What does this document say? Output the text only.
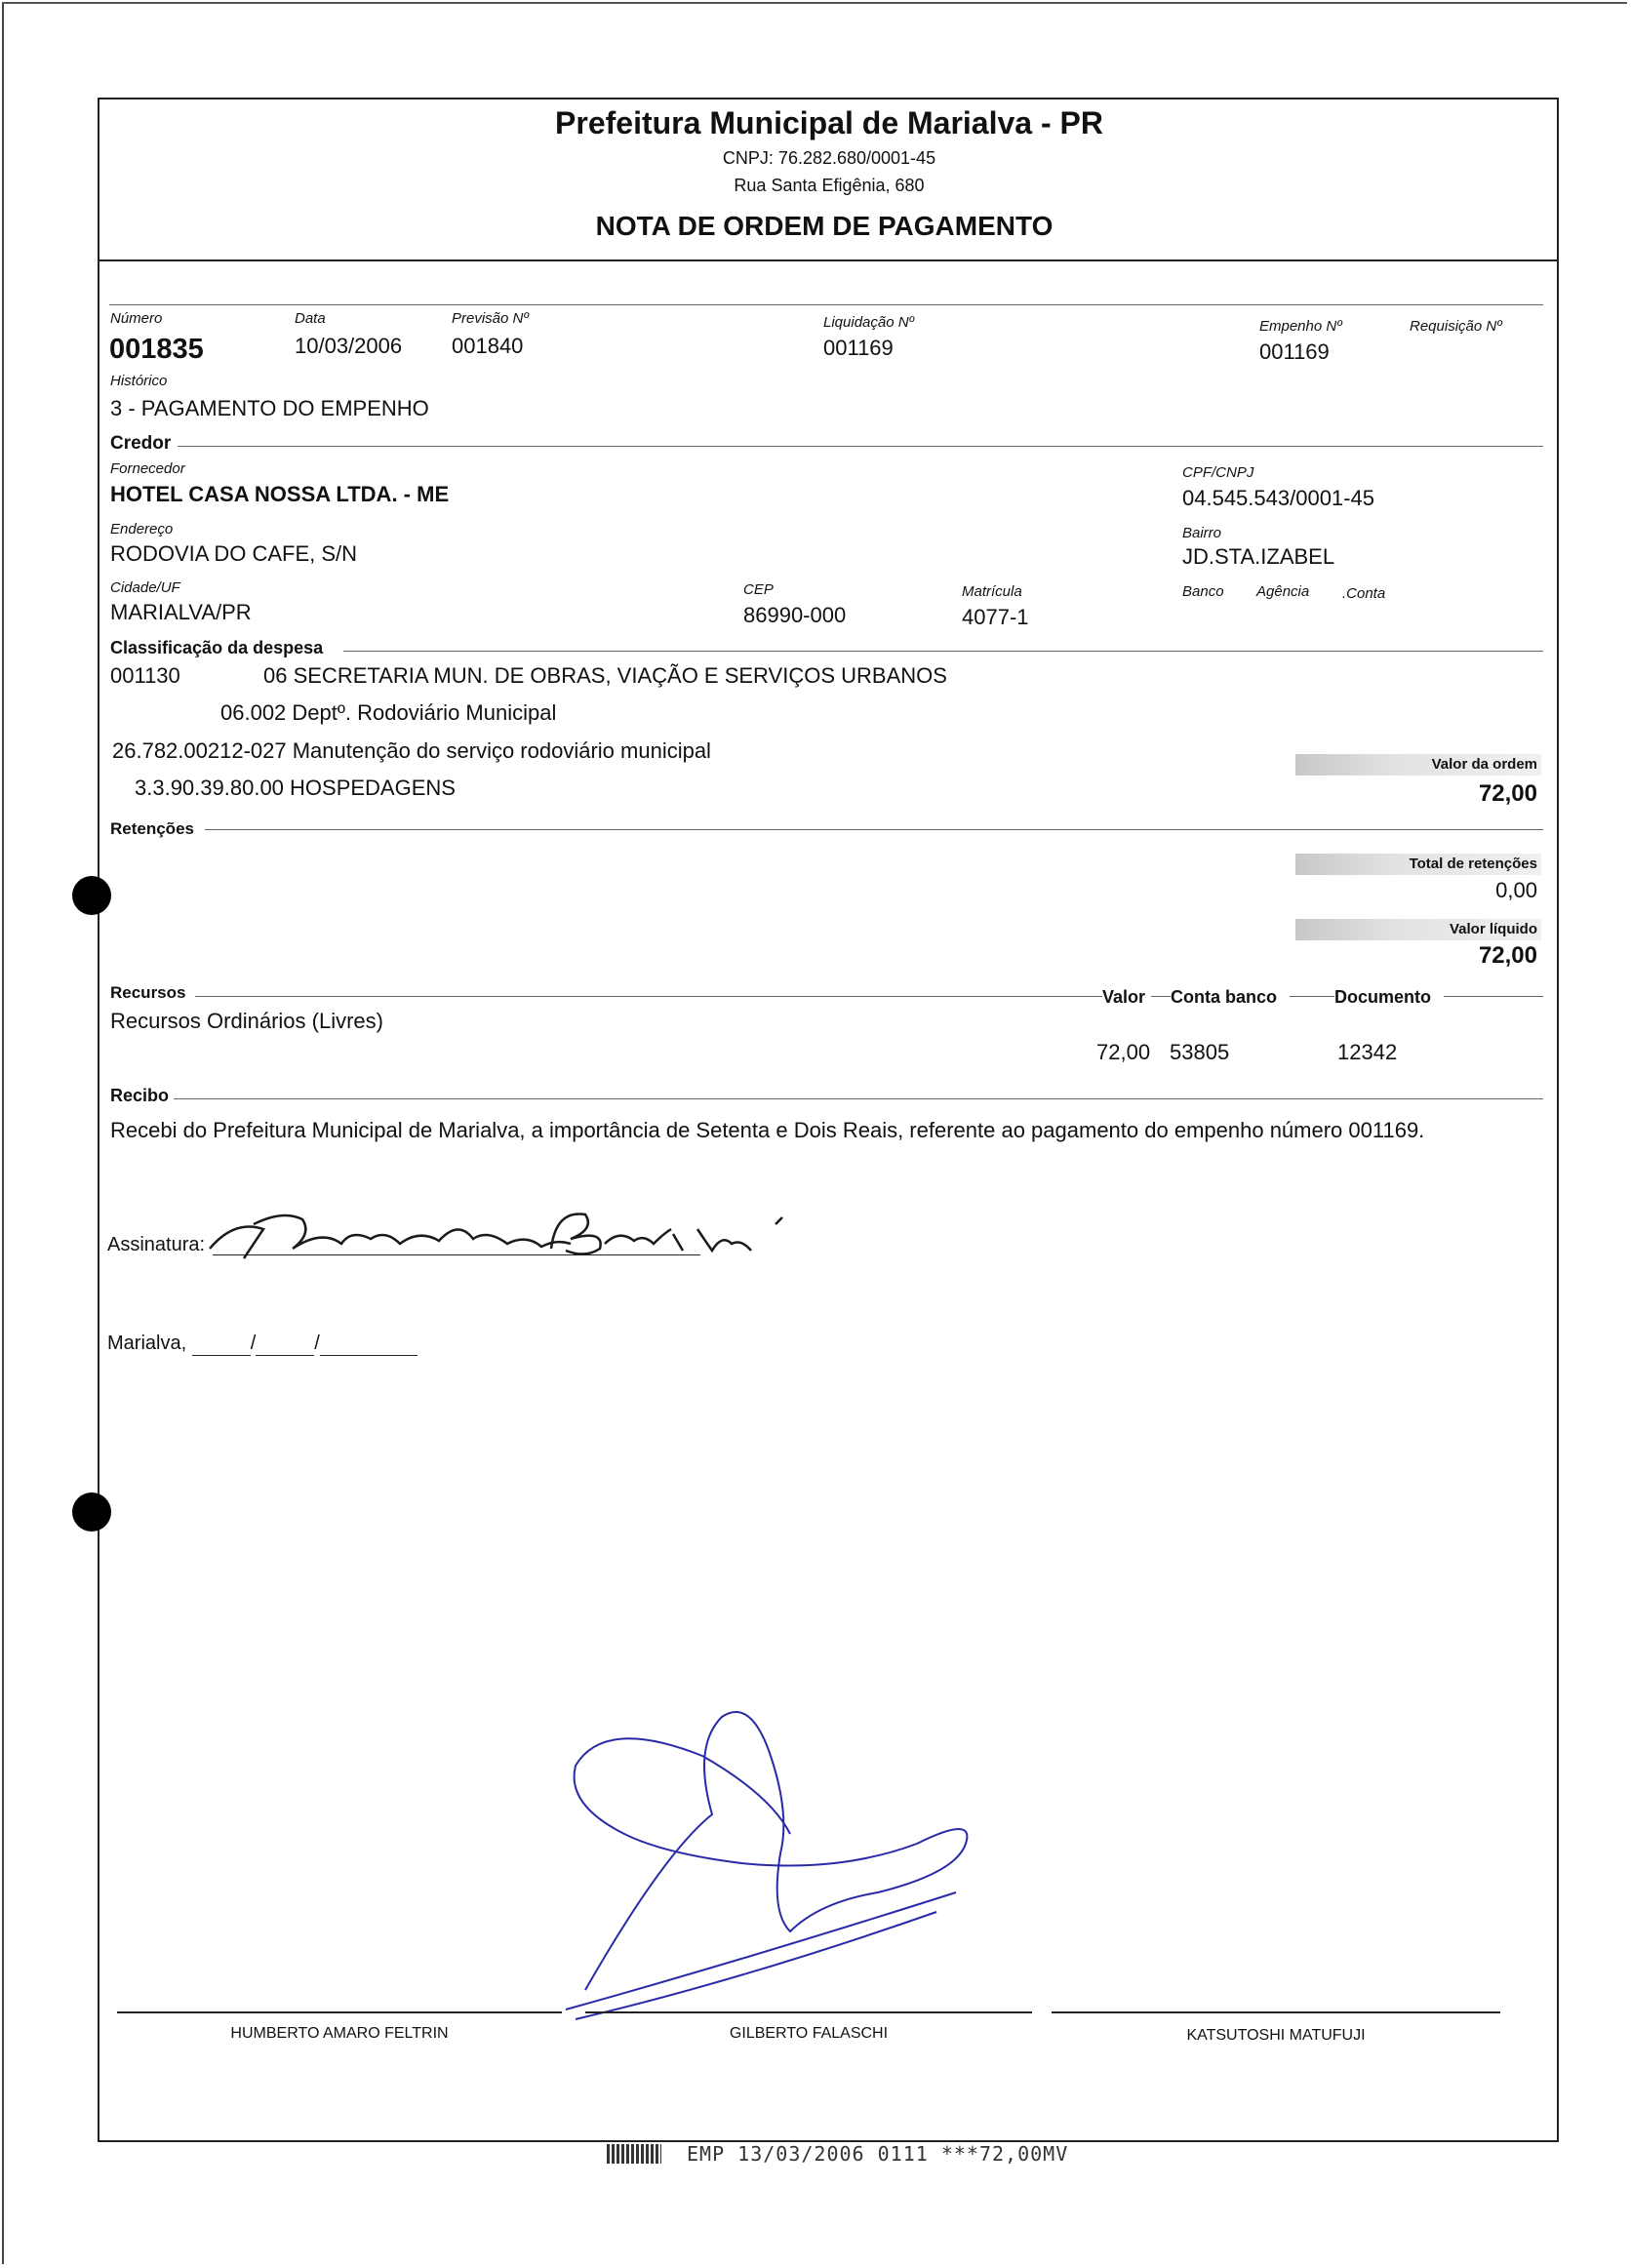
Prefeitura Municipal de Marialva - PR
CNPJ: 76.282.680/0001-45
Rua Santa Efigênia, 680
NOTA DE ORDEM DE PAGAMENTO
Número
001835
Data
10/03/2006
Previsão Nº
001840
Liquidação Nº
001169
Empenho Nº
001169
Requisição Nº
Histórico
3 - PAGAMENTO DO EMPENHO
Credor
Fornecedor
HOTEL CASA NOSSA LTDA. - ME
CPF/CNPJ
04.545.543/0001-45
Endereço
RODOVIA DO CAFE, S/N
Bairro
JD.STA.IZABEL
Cidade/UF
MARIALVA/PR
CEP
86990-000
Matrícula
4077-1
Banco Agência .Conta
Classificação da despesa
001130	06 SECRETARIA MUN. DE OBRAS, VIAÇÃO E SERVIÇOS URBANOS
06.002 Deptº. Rodoviário Municipal
26.782.00212-027 Manutenção do serviço rodoviário municipal
3.3.90.39.80.00 HOSPEDAGENS
Valor da ordem
72,00
Retenções
Total de retenções
0,00
Valor líquido
72,00
Recursos	Valor Conta banco	Documento
Recursos Ordinários (Livres)
72,00 53805	12342
Recibo
Recebi do Prefeitura Municipal de Marialva, a importância de Setenta e Dois Reais, referente ao pagamento do empenho número 001169.
Assinatura:
Marialva,	/	/
HUMBERTO AMARO FELTRIN	GILBERTO FALASCHI	KATSUTOSHI MATUFUJI
EMP 13/03/2006 0111 ***72,00MV
